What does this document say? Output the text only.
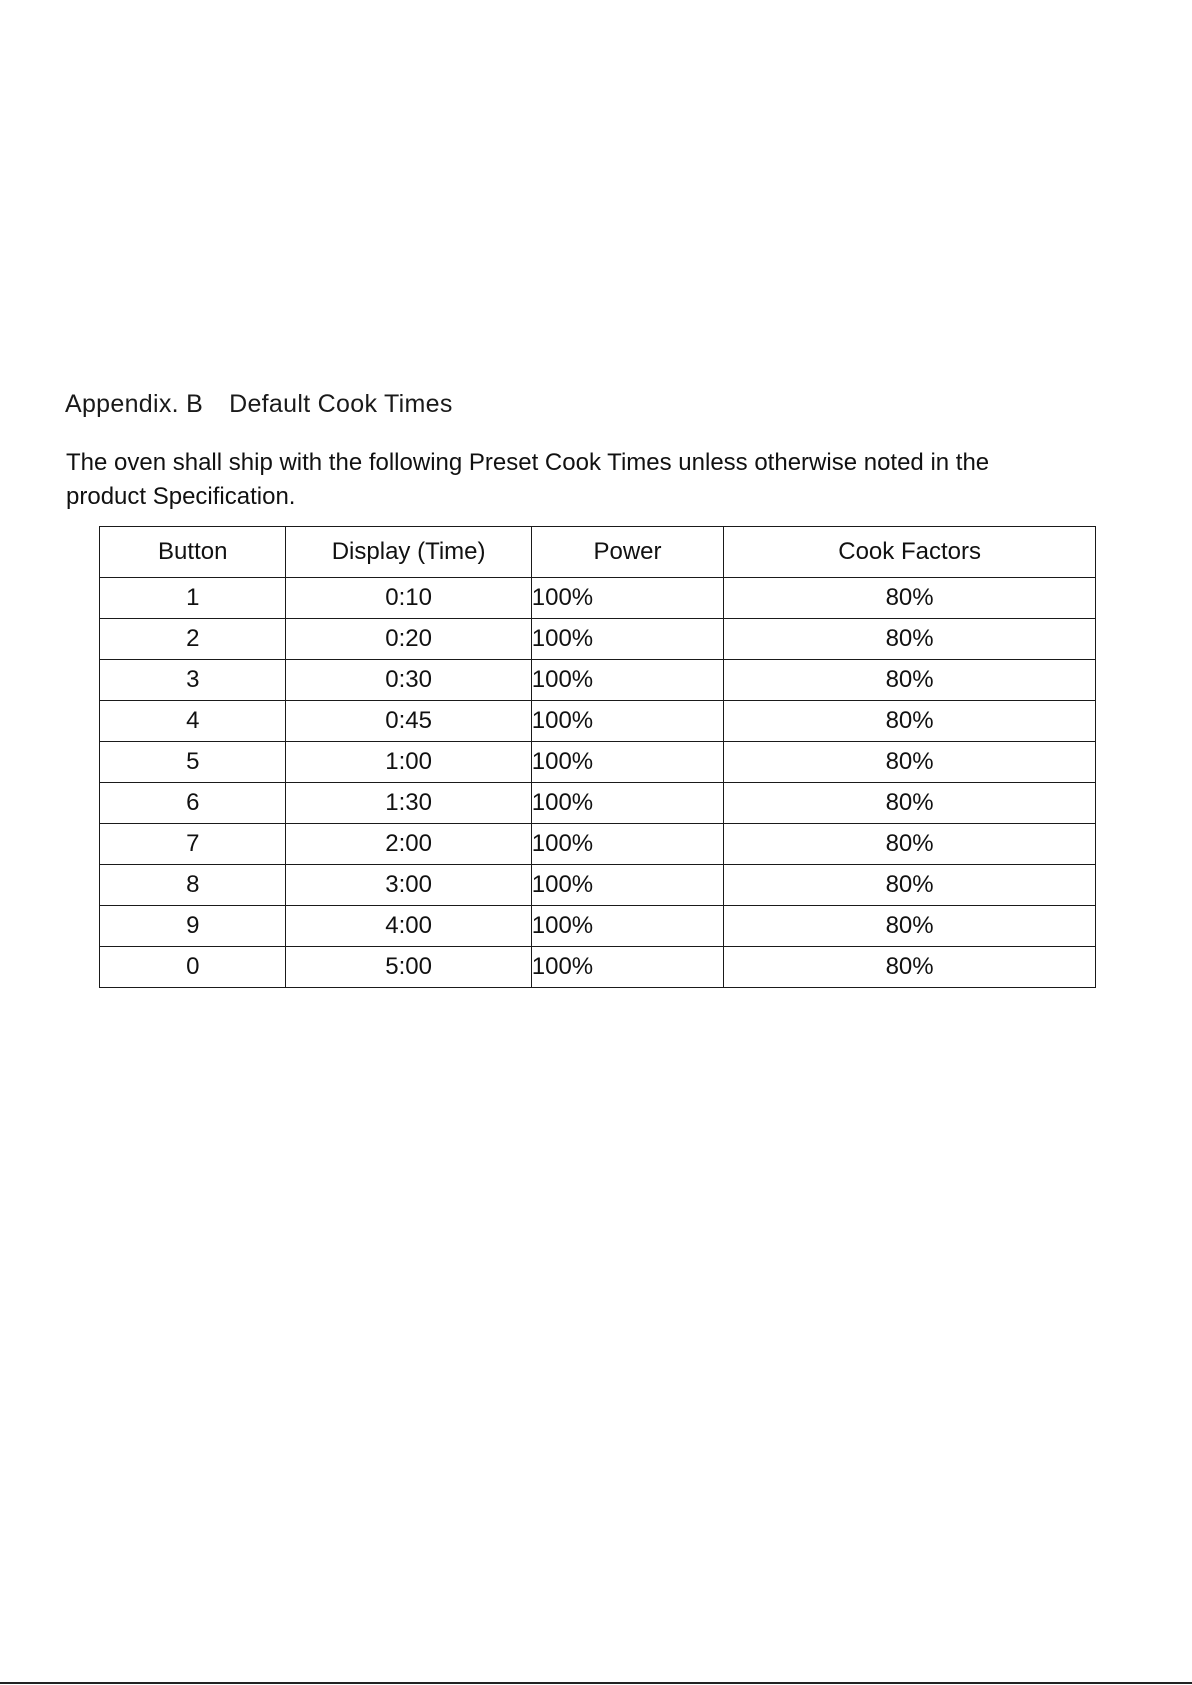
Appendix. B Default Cook Times
The oven shall ship with the following Preset Cook Times unless otherwise noted in the
product Specification.
Button	Display (Time)	Power	Cook Factors
1	0:10	100%	80%
2	0:20	100%	80%
3	0:30	100%	80%
4	0:45	100%	80%
5	1:00	100%	80%
6	1:30	100%	80%
7	2:00	100%	80%
8	3:00	100%	80%
9	4:00	100%	80%
0	5:00	100%	80%
